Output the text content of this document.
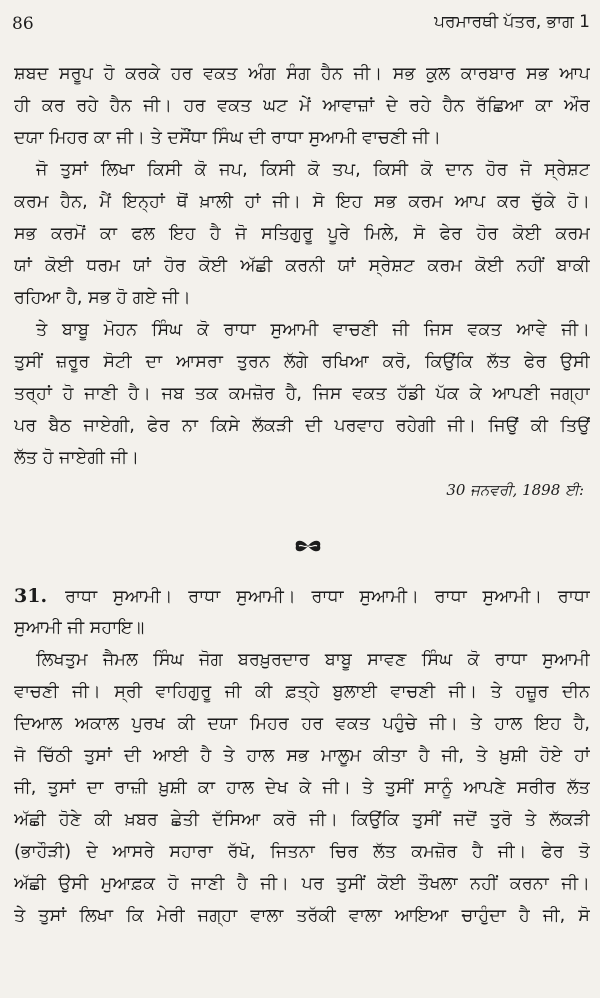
86	ਪਰਮਾਰਥੀ ਪੱਤਰ, ਭਾਗ 1
ਸ਼ਬਦ ਸਰੂਪ ਹੋ ਕਰਕੇ ਹਰ ਵਕਤ ਅੰਗ ਸੰਗ ਹੈਨ ਜੀ। ਸਭ ਕੁਲ ਕਾਰਬਾਰ ਸਭ ਆਪ
ਹੀ ਕਰ ਰਹੇ ਹੈਨ ਜੀ। ਹਰ ਵਕਤ ਘਟ ਮੇਂ ਆਵਾਜ਼ਾਂ ਦੇ ਰਹੇ ਹੈਨ ਰੱਛਿਆ ਕਾ ਔਰ
ਦਯਾ ਮਿਹਰ ਕਾ ਜੀ। ਤੇ ਦਸੌਂਧਾ ਸਿੰਘ ਦੀ ਰਾਧਾ ਸੁਆਮੀ ਵਾਚਣੀ ਜੀ।
ਜੋ ਤੁਸਾਂ ਲਿਖਾ ਕਿਸੀ ਕੋ ਜਪ, ਕਿਸੀ ਕੋ ਤਪ, ਕਿਸੀ ਕੋ ਦਾਨ ਹੋਰ ਜੋ ਸ੍ਰੇਸ਼ਟ
ਕਰਮ ਹੈਨ, ਮੈਂ ਇਨ੍ਹਾਂ ਥੋਂ ਖ਼ਾਲੀ ਹਾਂ ਜੀ। ਸੋ ਇਹ ਸਭ ਕਰਮ ਆਪ ਕਰ ਚੁੱਕੇ ਹੋ।
ਸਭ ਕਰਮੋਂ ਕਾ ਫਲ ਇਹ ਹੈ ਜੋ ਸਤਿਗੁਰੂ ਪੂਰੇ ਮਿਲੇ, ਸੋ ਫੇਰ ਹੋਰ ਕੋਈ ਕਰਮ
ਯਾਂ ਕੋਈ ਧਰਮ ਯਾਂ ਹੋਰ ਕੋਈ ਅੱਛੀ ਕਰਨੀ ਯਾਂ ਸ੍ਰੇਸ਼ਟ ਕਰਮ ਕੋਈ ਨਹੀਂ ਬਾਕੀ
ਰਹਿਆ ਹੈ, ਸਭ ਹੋ ਗਏ ਜੀ।
ਤੇ ਬਾਬੂ ਮੋਹਨ ਸਿੰਘ ਕੋ ਰਾਧਾ ਸੁਆਮੀ ਵਾਚਣੀ ਜੀ ਜਿਸ ਵਕਤ ਆਵੇ ਜੀ।
ਤੁਸੀਂ ਜ਼ਰੂਰ ਸੋਟੀ ਦਾ ਆਸਰਾ ਤੁਰਨ ਲੱਗੇ ਰਖਿਆ ਕਰੋ, ਕਿਉਂਕਿ ਲੱਤ ਫੇਰ ਉਸੀ
ਤਰ੍ਹਾਂ ਹੋ ਜਾਣੀ ਹੈ। ਜਬ ਤਕ ਕਮਜ਼ੋਰ ਹੈ, ਜਿਸ ਵਕਤ ਹੱਡੀ ਪੱਕ ਕੇ ਆਪਣੀ ਜਗ੍ਹਾ
ਪਰ ਬੈਠ ਜਾਏਗੀ, ਫੇਰ ਨਾ ਕਿਸੇ ਲੱਕੜੀ ਦੀ ਪਰਵਾਹ ਰਹੇਗੀ ਜੀ। ਜਿਉਂ ਕੀ ਤਿਉਂ
ਲੱਤ ਹੋ ਜਾਏਗੀ ਜੀ।
30 ਜਨਵਰੀ, 1898 ਈ:
31. ਰਾਧਾ ਸੁਆਮੀ। ਰਾਧਾ ਸੁਆਮੀ। ਰਾਧਾ ਸੁਆਮੀ। ਰਾਧਾ ਸੁਆਮੀ। ਰਾਧਾ
ਸੁਆਮੀ ਜੀ ਸਹਾਇ॥
ਲਿਖਤੁਮ ਜੈਮਲ ਸਿੰਘ ਜੋਗ ਬਰਖ਼ੁਰਦਾਰ ਬਾਬੂ ਸਾਵਣ ਸਿੰਘ ਕੋ ਰਾਧਾ ਸੁਆਮੀ
ਵਾਚਣੀ ਜੀ। ਸ੍ਰੀ ਵਾਹਿਗੁਰੂ ਜੀ ਕੀ ਫ਼ਤ੍ਹੇ ਬੁਲਾਈ ਵਾਚਣੀ ਜੀ। ਤੇ ਹਜ਼ੂਰ ਦੀਨ
ਦਿਆਲ ਅਕਾਲ ਪੁਰਖ ਕੀ ਦਯਾ ਮਿਹਰ ਹਰ ਵਕਤ ਪਹੁੰਚੇ ਜੀ। ਤੇ ਹਾਲ ਇਹ ਹੈ,
ਜੋ ਚਿੱਠੀ ਤੁਸਾਂ ਦੀ ਆਈ ਹੈ ਤੇ ਹਾਲ ਸਭ ਮਾਲੂਮ ਕੀਤਾ ਹੈ ਜੀ, ਤੇ ਖ਼ੁਸ਼ੀ ਹੋਏ ਹਾਂ
ਜੀ, ਤੁਸਾਂ ਦਾ ਰਾਜ਼ੀ ਖ਼ੁਸ਼ੀ ਕਾ ਹਾਲ ਦੇਖ ਕੇ ਜੀ। ਤੇ ਤੁਸੀਂ ਸਾਨੂੰ ਆਪਣੇ ਸਰੀਰ ਲੱਤ
ਅੱਛੀ ਹੋਣੇ ਕੀ ਖ਼ਬਰ ਛੇਤੀ ਦੱਸਿਆ ਕਰੋ ਜੀ। ਕਿਉਂਕਿ ਤੁਸੀਂ ਜਦੋਂ ਤੁਰੋ ਤੇ ਲੱਕੜੀ
(ਭਾਹੌੜੀ) ਦੇ ਆਸਰੇ ਸਹਾਰਾ ਰੱਖੋ, ਜਿਤਨਾ ਚਿਰ ਲੱਤ ਕਮਜ਼ੋਰ ਹੈ ਜੀ। ਫੇਰ ਤੋ
ਅੱਛੀ ਉਸੀ ਮੁਆਫ਼ਕ ਹੋ ਜਾਣੀ ਹੈ ਜੀ। ਪਰ ਤੁਸੀਂ ਕੋਈ ਤੌਖਲਾ ਨਹੀਂ ਕਰਨਾ ਜੀ।
ਤੇ ਤੁਸਾਂ ਲਿਖਾ ਕਿ ਮੇਰੀ ਜਗ੍ਹਾ ਵਾਲਾ ਤਰੱਕੀ ਵਾਲਾ ਆਇਆ ਚਾਹੁੰਦਾ ਹੈ ਜੀ, ਸੋ
